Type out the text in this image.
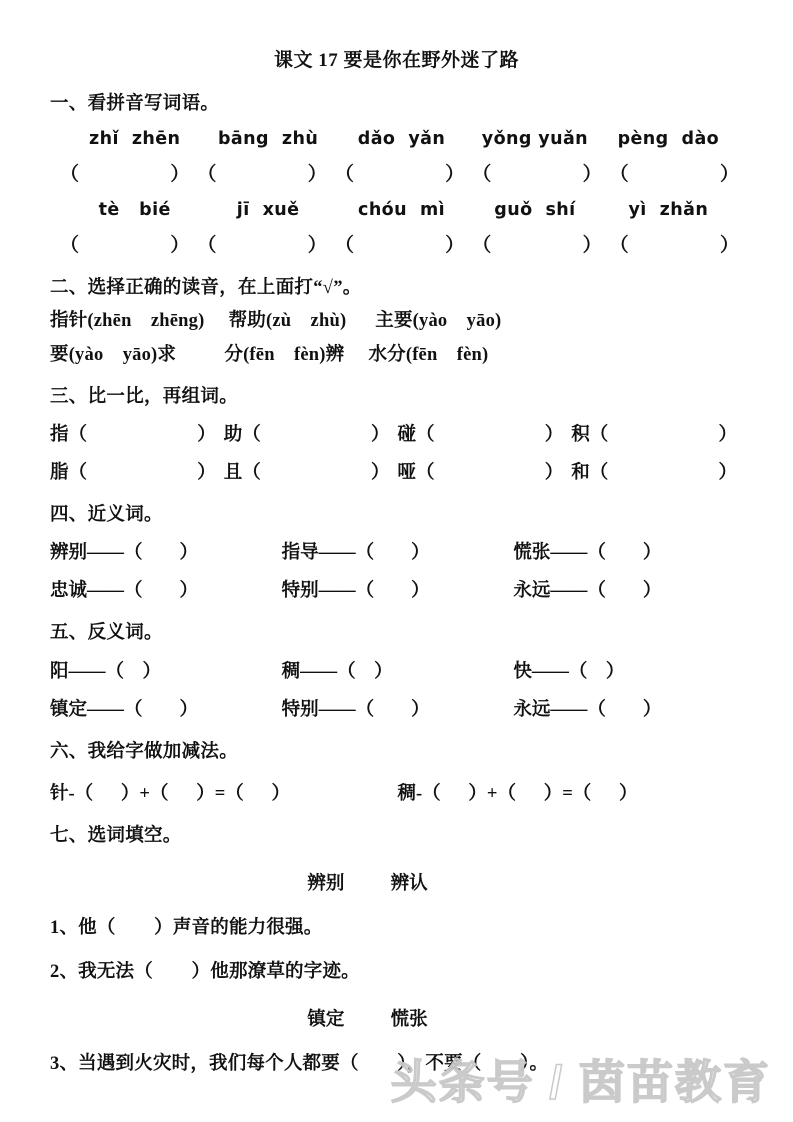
课文 17 要是你在野外迷了路
一、看拼音写词语。
zhǐ  zhēn	bāng  zhù	dǎo  yǎn	yǒng yuǎn	pèng  dào
（	） （	） （	） （	） （	）
tè   bié	jī  xuě	chóu  mì	guǒ  shí	yì  zhǎn
（	） （	） （	） （	） （	）
二、选择正确的读音，在上面打“√”。
指针(zhēn    zhēng)     帮助(zù    zhù)      主要(yào    yāo)
要(yào    yāo)求          分(fēn    fèn)辨     水分(fēn    fèn)
三、比一比，再组词。
指 （	） 助 （	） 碰 （	） 积 （	）
脂 （	） 且 （	） 哑 （	） 和 （	）
四、近义词。
辨别——（        ）	指导——（        ）	慌张——（        ）
忠诚——（        ）	特别——（        ）	永远——（        ）
五、反义词。
阳——（    ）	稠——（    ）	快——（    ）
镇定——（        ）	特别——（        ）	永远——（        ）
六、我给字做加减法。
针-（      ）+（      ）=（      ）	稠-（      ）+（      ）=（      ）
七、选词填空。
辨别          辨认
1、他（        ）声音的能力很强。
2、我无法（        ）他那潦草的字迹。
镇定          慌张
3、当遇到火灾时，我们每个人都要（        ），不要（        ）。
头条号 / 茵苗教育
